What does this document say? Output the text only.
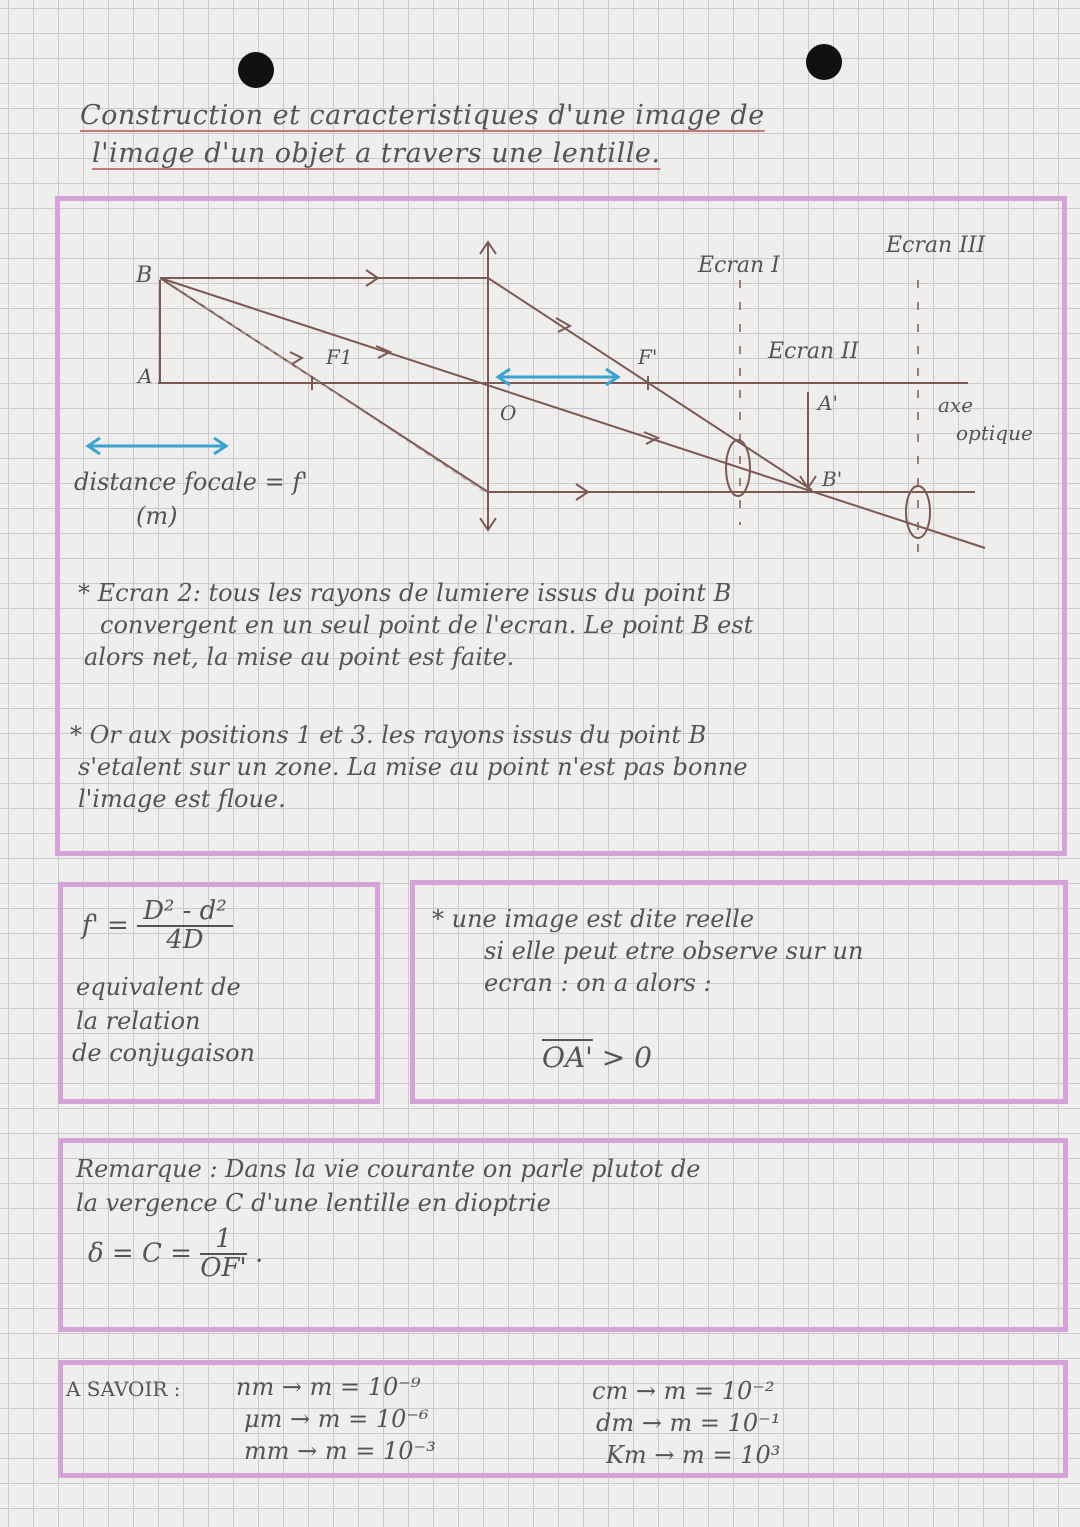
Construction et caracteristiques d'une image de
l'image d'un objet a travers une lentille.
B
A
F1
O
F'
A'
B'
Ecran I
Ecran II
Ecran III
axe
optique
distance focale = f'
(m)
* Ecran 2: tous les rayons de lumiere issus du point B
convergent en un seul point de l'ecran. Le point B est
alors net, la mise au point est faite.
* Or aux positions 1 et 3. les rayons issus du point B
s'etalent sur un zone. La mise au point n'est pas bonne
l'image est floue.
$f' = \frac{\text{D² - d²}}{4D}$
equivalent de
la relation
de conjugaison
* une image est dite reelle
si elle peut etre observe sur un
ecran : on a alors :
OA' > 0
Remarque : Dans la vie courante on parle plutot de
la vergence C d'une lentille en dioptrie
$\delta = C = \frac{1}{OF'}$ .
A SAVOIR : nm → m = 10⁻⁹
μm → m = 10⁻⁶
mm → m = 10⁻³
cm → m = 10⁻²
dm → m = 10⁻¹
Km → m = 10³
